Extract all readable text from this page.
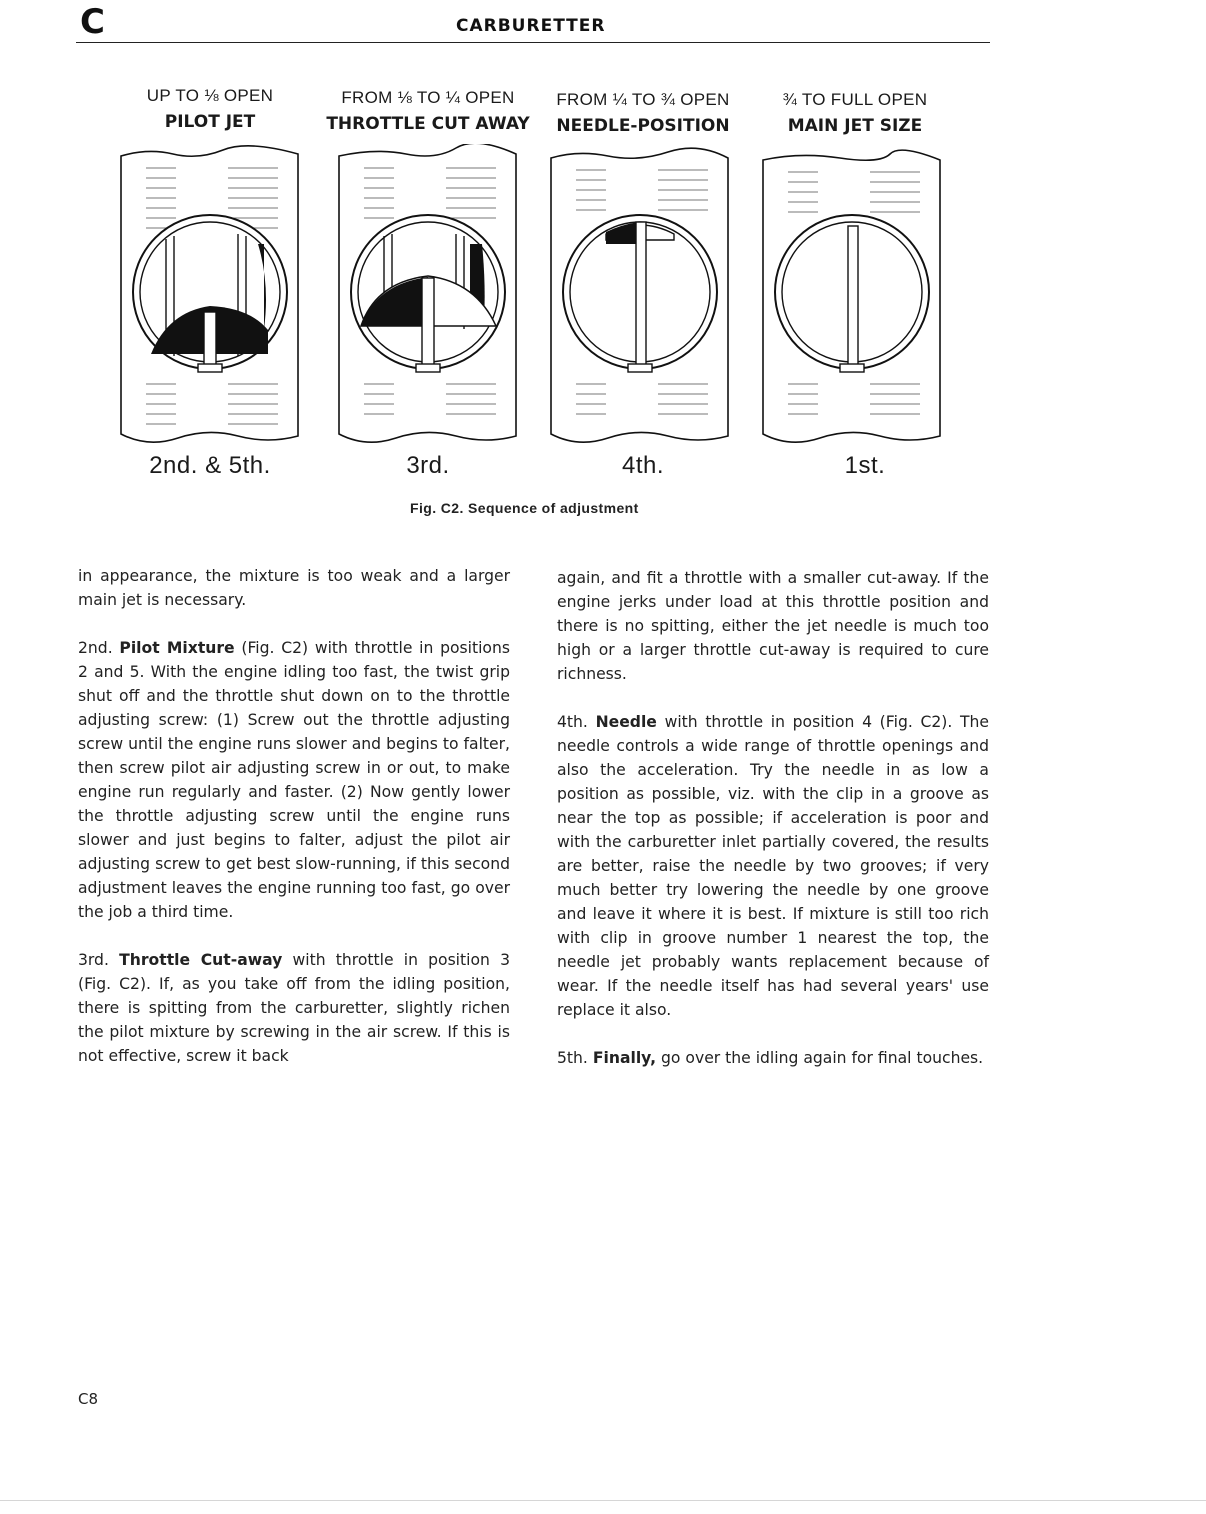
C	CARBURETTER
UP TO ⅛ OPEN
PILOT JET
FROM ⅛ TO ¼ OPEN
THROTTLE CUT AWAY
FROM ¼ TO ¾ OPEN
NEEDLE-POSITION
¾ TO FULL OPEN
MAIN JET SIZE
2nd. & 5th.	3rd.	4th.	1st.
Fig. C2. Sequence of adjustment

in appearance, the mixture is too weak and a larger main jet is necessary.

2nd. Pilot Mixture (Fig. C2) with throttle in positions 2 and 5. With the engine idling too fast, the twist grip shut off and the throttle shut down on to the throttle adjusting screw: (1) Screw out the throttle adjusting screw until the engine runs slower and begins to falter, then screw pilot air adjusting screw in or out, to make engine run regularly and faster. (2) Now gently lower the throttle adjusting screw until the engine runs slower and just begins to falter, adjust the pilot air adjusting screw to get best slow-running, if this second adjustment leaves the engine running too fast, go over the job a third time.

3rd. Throttle Cut-away with throttle in position 3 (Fig. C2). If, as you take off from the idling position, there is spitting from the carburetter, slightly richen the pilot mixture by screwing in the air screw. If this is not effective, screw it back

again, and fit a throttle with a smaller cut-away. If the engine jerks under load at this throttle position and there is no spitting, either the jet needle is much too high or a larger throttle cut-away is required to cure richness.

4th. Needle with throttle in position 4 (Fig. C2). The needle controls a wide range of throttle openings and also the acceleration. Try the needle in as low a position as possible, viz. with the clip in a groove as near the top as possible; if acceleration is poor and with the carburetter inlet partially covered, the results are better, raise the needle by two grooves; if very much better try lowering the needle by one groove and leave it where it is best. If mixture is still too rich with clip in groove number 1 nearest the top, the needle jet probably wants replacement because of wear. If the needle itself has had several years' use replace it also.

5th. Finally, go over the idling again for final touches.

C8
